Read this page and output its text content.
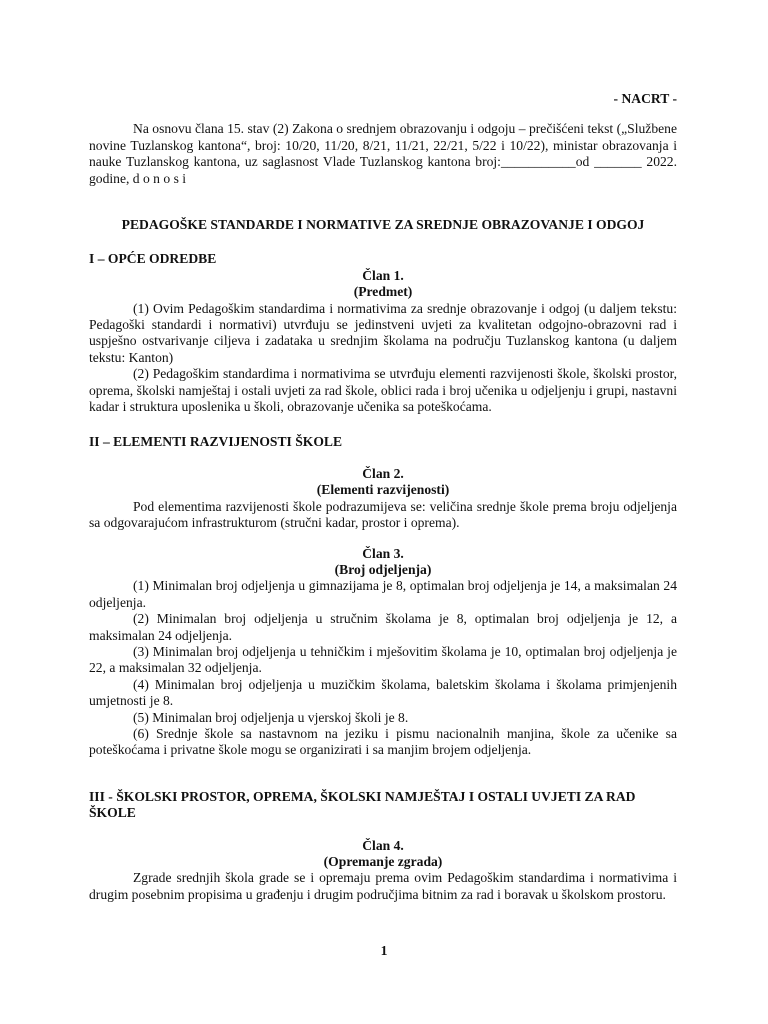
- NACRT -

Na osnovu člana 15. stav (2) Zakona o srednjem obrazovanju i odgoju – prečišćeni tekst („Službene novine Tuzlanskog kantona“, broj: 10/20, 11/20, 8/21, 11/21, 22/21, 5/22 i 10/22), ministar obrazovanja i nauke Tuzlanskog kantona, uz saglasnost Vlade Tuzlanskog kantona broj:___________od _______ 2022. godine, d o n o s i

PEDAGOŠKE STANDARDE I NORMATIVE ZA SREDNJE OBRAZOVANJE I ODGOJ

I – OPĆE ODREDBE

Član 1.

(Predmet)

(1) Ovim Pedagoškim standardima i normativima za srednje obrazovanje i odgoj (u daljem tekstu: Pedagoški standardi i normativi) utvrđuju se jedinstveni uvjeti za kvalitetan odgojno-obrazovni rad i uspješno ostvarivanje ciljeva i zadataka u srednjim školama na području Tuzlanskog kantona (u daljem tekstu: Kanton)

(2) Pedagoškim standardima i normativima se utvrđuju elementi razvijenosti škole, školski prostor, oprema, školski namještaj i ostali uvjeti za rad škole, oblici rada i broj učenika u odjeljenju i grupi, nastavni kadar i struktura uposlenika u školi, obrazovanje učenika sa poteškoćama.

II – ELEMENTI RAZVIJENOSTI ŠKOLE

Član 2.

(Elementi razvijenosti)

Pod elementima razvijenosti škole podrazumijeva se: veličina srednje škole prema broju odjeljenja sa odgovarajućom infrastrukturom (stručni kadar, prostor i oprema).

Član 3.

(Broj odjeljenja)

(1) Minimalan broj odjeljenja u gimnazijama je 8, optimalan broj odjeljenja je 14, a maksimalan 24 odjeljenja.

(2) Minimalan broj odjeljenja u stručnim školama je 8, optimalan broj odjeljenja je 12, a maksimalan 24 odjeljenja.

(3) Minimalan broj odjeljenja u tehničkim i mješovitim školama je 10, optimalan broj odjeljenja je 22, a maksimalan 32 odjeljenja.

(4) Minimalan broj odjeljenja u muzičkim školama, baletskim školama i školama primjenjenih umjetnosti je 8.

(5) Minimalan broj odjeljenja u vjerskoj školi je 8.

(6) Srednje škole sa nastavnom na jeziku i pismu nacionalnih manjina, škole za učenike sa poteškoćama i privatne škole mogu se organizirati i sa manjim brojem odjeljenja.

III - ŠKOLSKI PROSTOR, OPREMA, ŠKOLSKI NAMJEŠTAJ I OSTALI UVJETI ZA RAD ŠKOLE

Član 4.

(Opremanje zgrada)

Zgrade srednjih škola grade se i opremaju prema ovim Pedagoškim standardima i normativima i drugim posebnim propisima u građenju i drugim područjima bitnim za rad i boravak u školskom prostoru.

1
